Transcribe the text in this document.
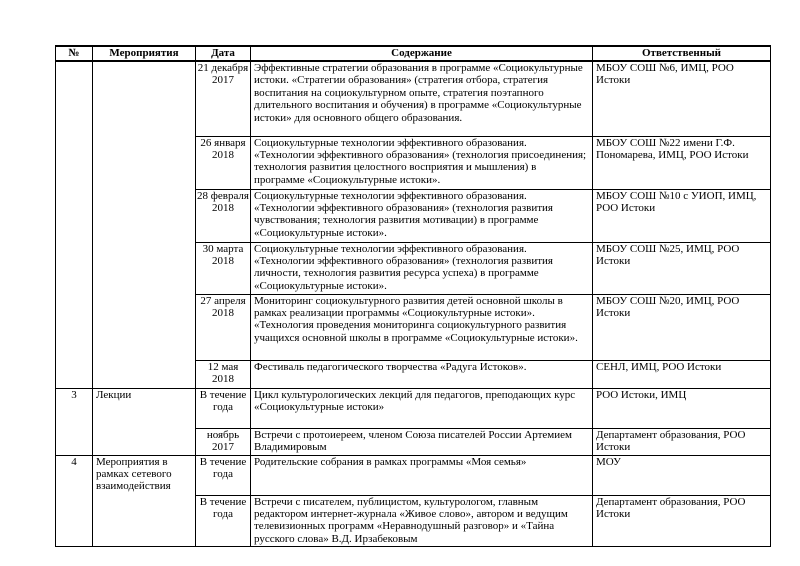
№	Мероприятия	Дата	Содержание	Ответственный
		21 декабря 2017	Эффективные стратегии образования в программе «Социокультурные истоки. «Стратегии образования» (стратегия отбора, стратегия воспитания на социокультурном опыте, стратегия поэтапного длительного воспитания и обучения) в программе «Социокультурные истоки» для основного общего образования.	МБОУ СОШ №6, ИМЦ, РОО Истоки
		26 января 2018	Социокультурные технологии эффективного образования. «Технологии эффективного образования» (технология присоединения; технология развития целостного восприятия и мышления) в программе «Социокультурные истоки».	МБОУ СОШ №22 имени Г.Ф. Пономарева, ИМЦ, РОО Истоки
		28 февраля 2018	Социокультурные технологии эффективного образования. «Технологии эффективного образования» (технология развития чувствования; технология развития мотивации) в программе «Социокультурные истоки».	МБОУ СОШ №10 с УИОП, ИМЦ, РОО Истоки
		30 марта 2018	Социокультурные технологии эффективного образования. «Технологии эффективного образования» (технология развития личности, технология развития ресурса успеха) в программе «Социокультурные истоки».	МБОУ СОШ №25, ИМЦ, РОО Истоки
		27 апреля 2018	Мониторинг социокультурного развития детей основной школы в рамках реализации программы «Социокультурные истоки». «Технология проведения мониторинга социокультурного развития учащихся основной школы в программе «Социокультурные истоки».	МБОУ СОШ №20, ИМЦ, РОО Истоки
		12 мая 2018	Фестиваль педагогического творчества «Радуга Истоков».	СЕНЛ, ИМЦ, РОО Истоки
3	Лекции	В течение года	Цикл культурологических лекций для педагогов, преподающих курс «Социокультурные истоки»	РОО Истоки, ИМЦ
		ноябрь 2017	Встречи с протоиереем, членом Союза писателей России Артемием Владимировым	Департамент образования, РОО Истоки
4	Мероприятия в рамках сетевого взаимодействия	В течение года	Родительские собрания в рамках программы «Моя семья»	МОУ
		В течение года	Встречи с писателем, публицистом, культурологом, главным редактором интернет-журнала «Живое слово», автором и ведущим телевизионных программ «Неравнодушный разговор» и «Тайна русского слова» В.Д. Ирзабековым	Департамент образования, РОО Истоки
